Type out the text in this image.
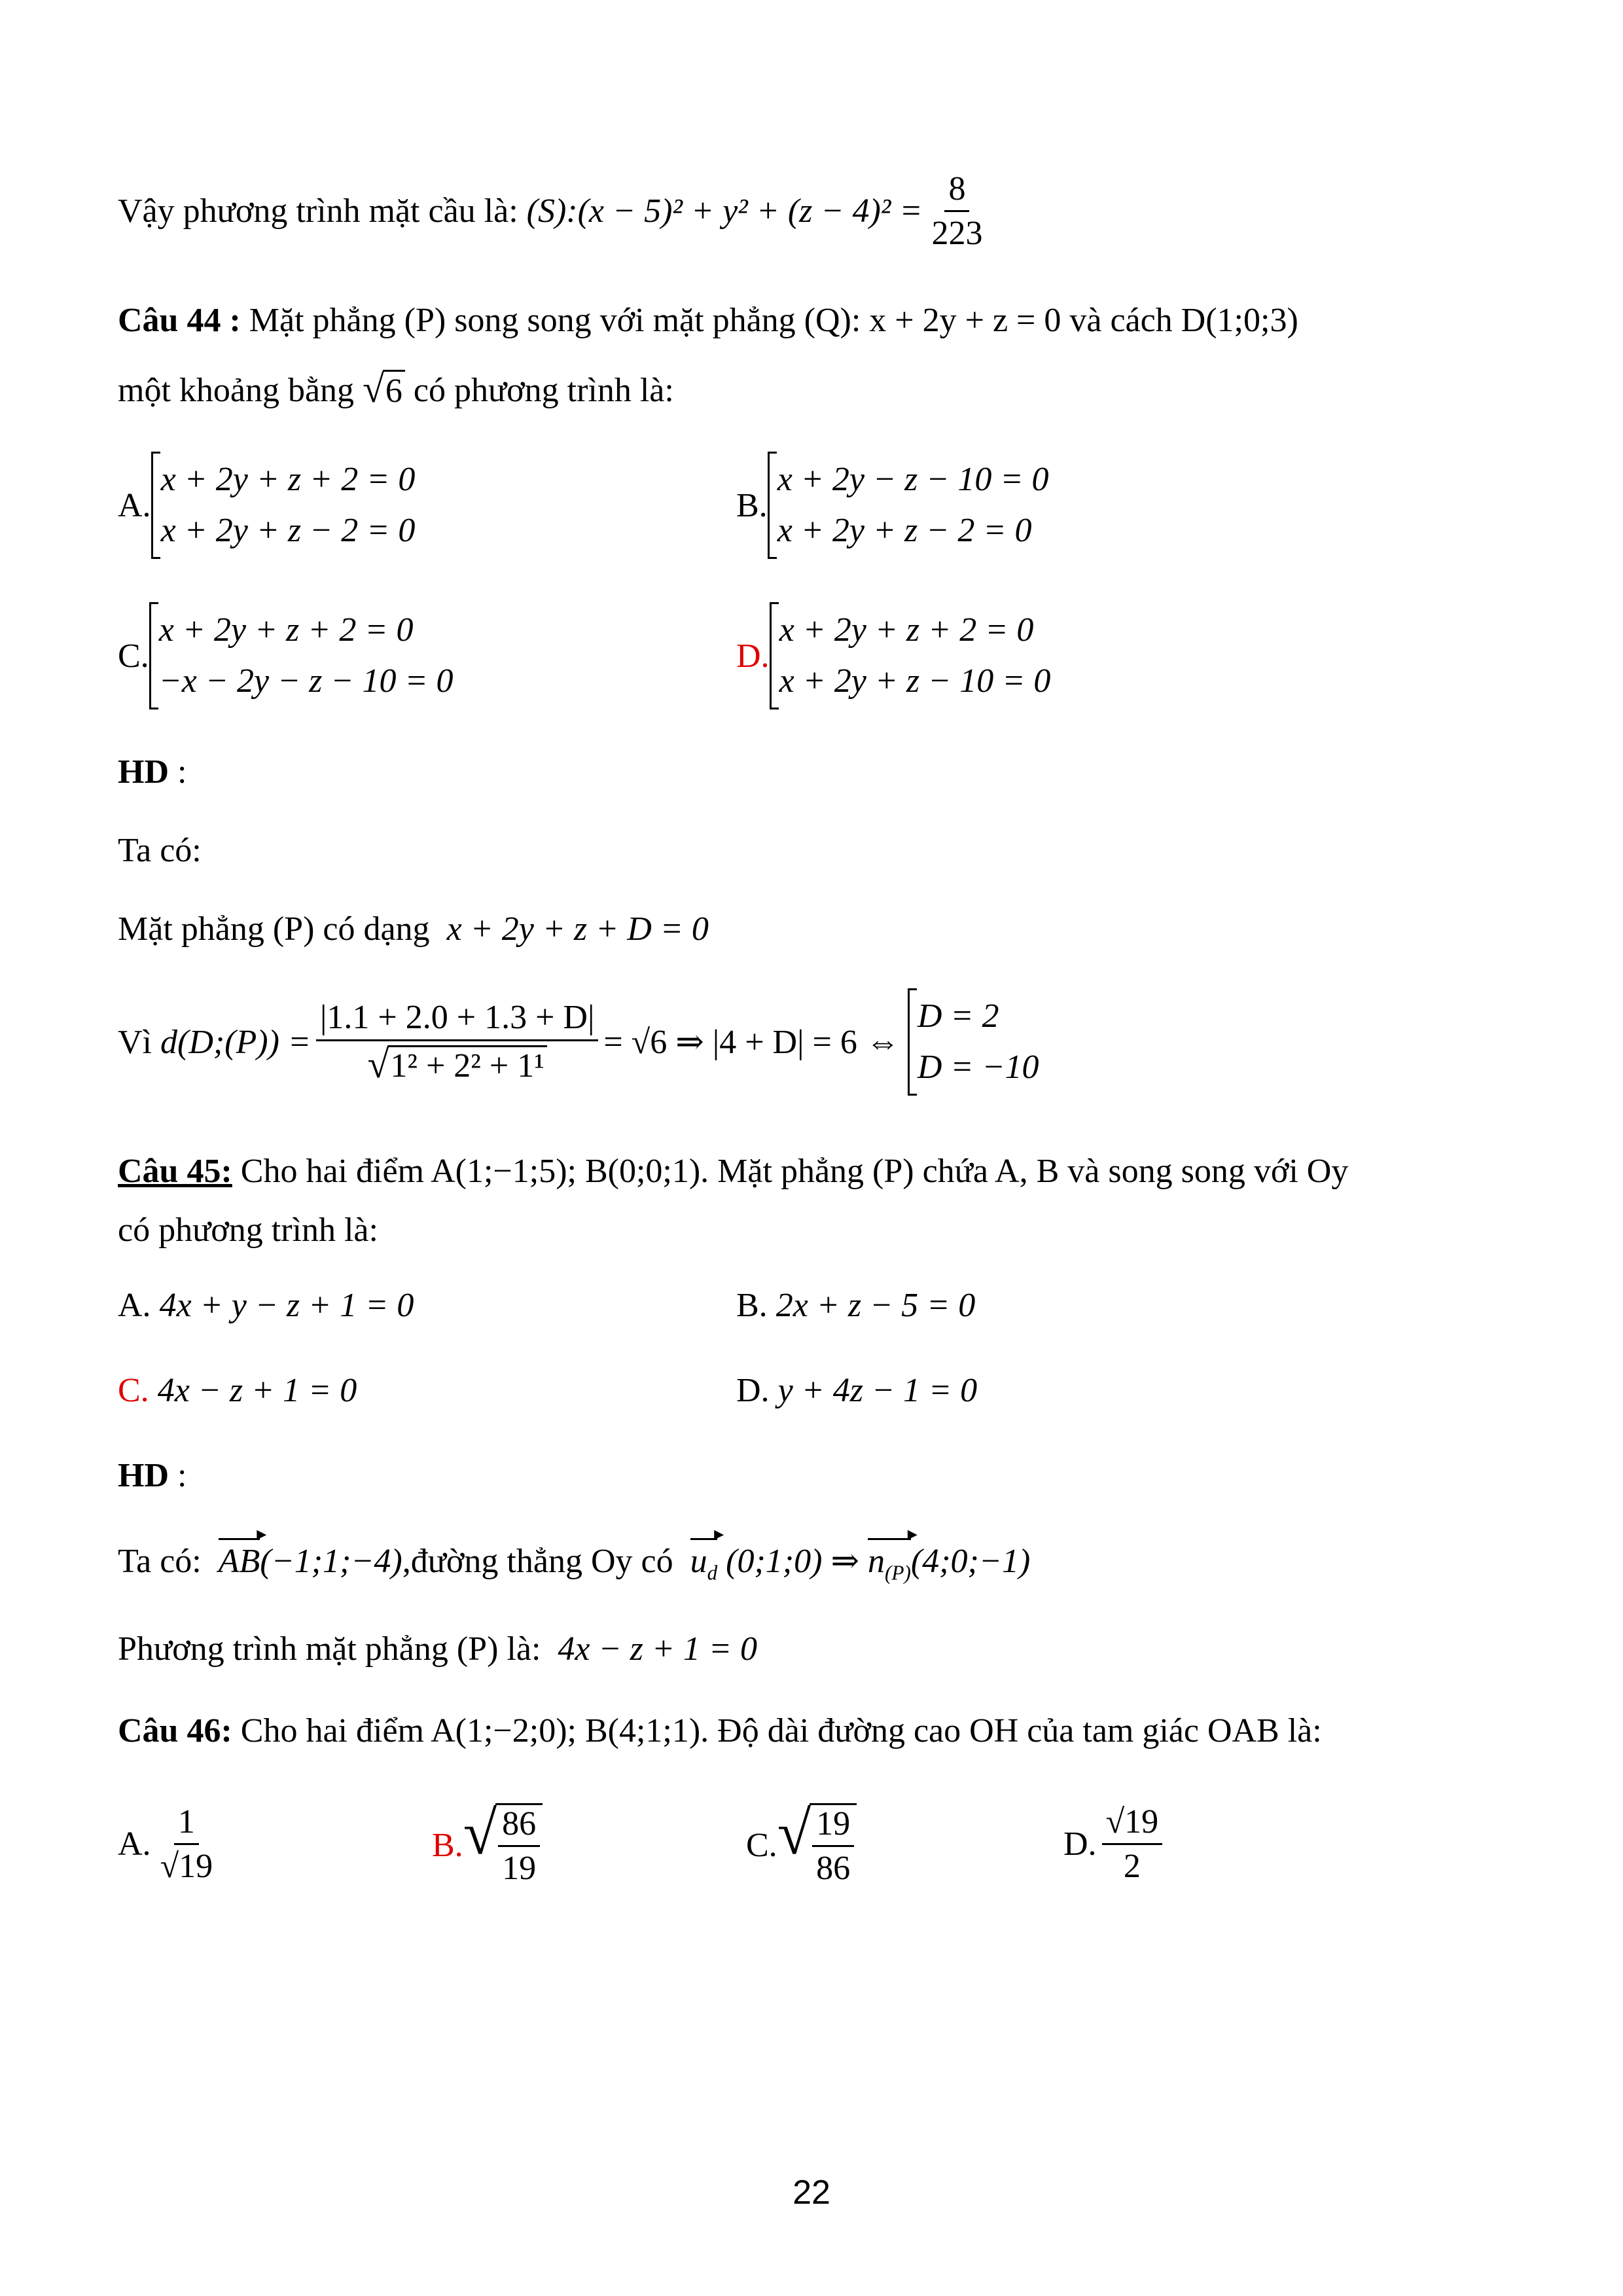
Vậy phương trình mặt cầu là:
(S):(x − $5)^2 + y^2 + (z - 4)^2 = \frac{8}{223}$
Câu 44 : Mặt phẳng (P) song song với mặt phẳng (Q): x + 2y + z = 0 và cách D(1;0;3)
một khoảng bằng
√ 6
có phương trình là:
A.
x + 2y + z + 2 = 0
x + 2y + z − 2 = 0
B.
x + 2y − z − 10 = 0
x + 2y + z − 2 = 0
C.
x + 2y + z + 2 = 0
−x − 2y − z − 10 = 0
D.
x + 2y + z + 2 = 0
x + 2y + z − 10 = 0
HD :
Ta có:
Mặt phẳng (P) có dạng x + 2y + z + D = 0
Vì
d(D;(P)) = $\frac{|1.1 + 2.0 + 1.3 + D|}{\text{√ 1² + 2² + 1¹}} = √6$ ⇒ |4 + D| = 6 ⇔
D = 2
D = −10
Câu 45: Cho hai điểm A(1;−1;5); B(0;0;1). Mặt phẳng (P) chứa A, B và song song với Oy
có phương trình là:
A. 4x + y − z + 1 = 0	B. 2x + z − 5 = 0
C. 4x − z + 1 = 0	D. y + 4z − 1 = 0
HD :
Ta có: ▸ AB(−1;1;−4),đường thẳng Oy có ▸ $u_d$ (0;1;0) ⇒ ▸ $n_{(P)}(4;0;-1)$
Phương trình mặt phẳng (P) là: 4x − z + 1 = 0
Câu 46: Cho hai điểm A(1;−2;0); B(4;1;1). Độ dài đường cao OH của tam giác OAB là:
A. $\frac{1}{√19}$	B. √ $\frac{86}{19}$	C. √ $\frac{19}{86}$	D. $\frac{√19}{2}$
22
